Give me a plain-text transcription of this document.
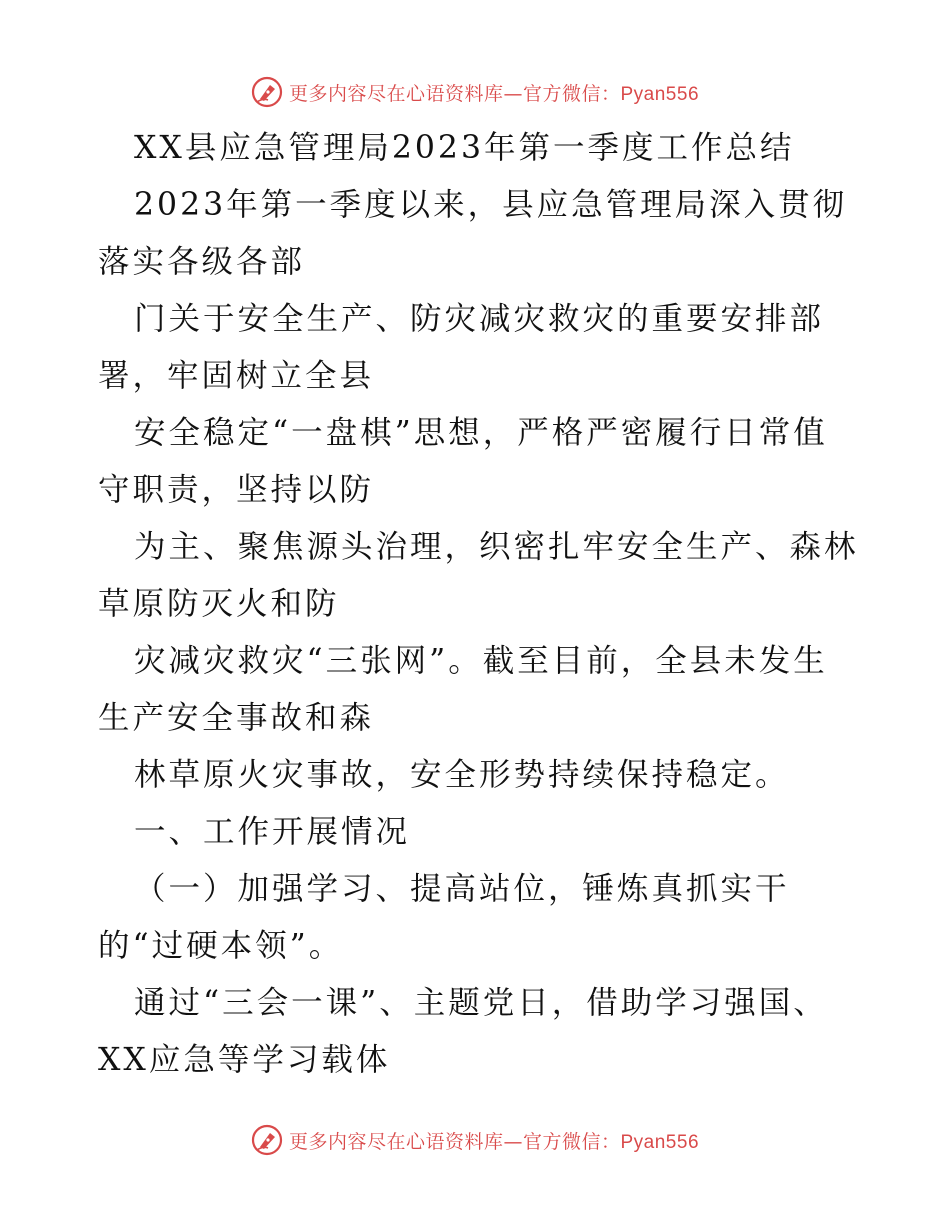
更多内容尽在心语资料库—官方微信：Pyan556
XX县应急管理局2023年第一季度工作总结
2023年第一季度以来，县应急管理局深入贯彻
落实各级各部
门关于安全生产、防灾减灾救灾的重要安排部
署，牢固树立全县
安全稳定“一盘棋”思想，严格严密履行日常值
守职责，坚持以防
为主、聚焦源头治理，织密扎牢安全生产、森林
草原防灭火和防
灾减灾救灾“三张网”。截至目前，全县未发生
生产安全事故和森
林草原火灾事故，安全形势持续保持稳定。
一、工作开展情况
（一）加强学习、提高站位，锤炼真抓实干
的“过硬本领”。
通过“三会一课”、主题党日，借助学习强国、
XX应急等学习载体
更多内容尽在心语资料库—官方微信：Pyan556
